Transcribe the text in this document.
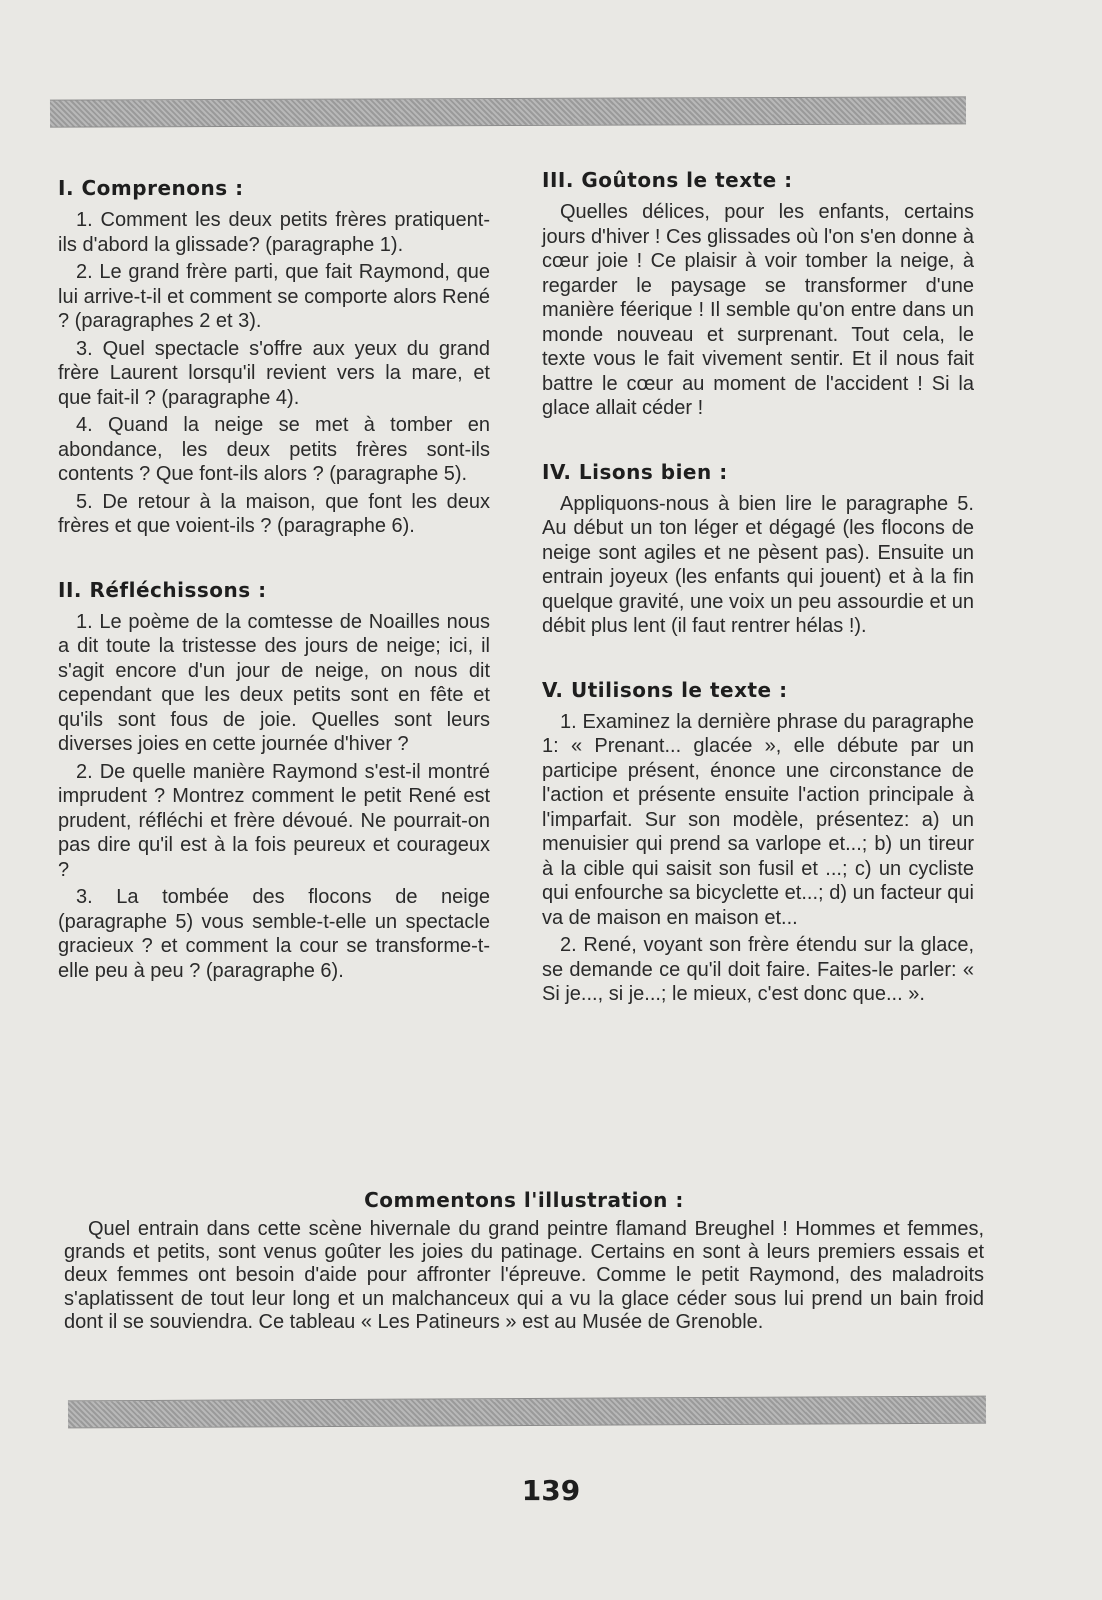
I. Comprenons :

1. Comment les deux petits frères pratiquent-ils d'abord la glissade? (paragraphe 1).

2. Le grand frère parti, que fait Raymond, que lui arrive-t-il et comment se comporte alors René ? (paragraphes 2 et 3).

3. Quel spectacle s'offre aux yeux du grand frère Laurent lorsqu'il revient vers la mare, et que fait-il ? (paragraphe 4).

4. Quand la neige se met à tomber en abondance, les deux petits frères sont-ils contents ? Que font-ils alors ? (paragraphe 5).

5. De retour à la maison, que font les deux frères et que voient-ils ? (paragraphe 6).

II. Réfléchissons :

1. Le poème de la comtesse de Noailles nous a dit toute la tristesse des jours de neige; ici, il s'agit encore d'un jour de neige, on nous dit cependant que les deux petits sont en fête et qu'ils sont fous de joie. Quelles sont leurs diverses joies en cette journée d'hiver ?

2. De quelle manière Raymond s'est-il montré imprudent ? Montrez comment le petit René est prudent, réfléchi et frère dévoué. Ne pourrait-on pas dire qu'il est à la fois peureux et courageux ?

3. La tombée des flocons de neige (paragraphe 5) vous semble-t-elle un spectacle gracieux ? et comment la cour se transforme-t-elle peu à peu ? (paragraphe 6).

III. Goûtons le texte :

Quelles délices, pour les enfants, certains jours d'hiver ! Ces glissades où l'on s'en donne à cœur joie ! Ce plaisir à voir tomber la neige, à regarder le paysage se transformer d'une manière féerique ! Il semble qu'on entre dans un monde nouveau et surprenant. Tout cela, le texte vous le fait vivement sentir. Et il nous fait battre le cœur au moment de l'accident ! Si la glace allait céder !

IV. Lisons bien :

Appliquons-nous à bien lire le paragraphe 5. Au début un ton léger et dégagé (les flocons de neige sont agiles et ne pèsent pas). Ensuite un entrain joyeux (les enfants qui jouent) et à la fin quelque gravité, une voix un peu assourdie et un débit plus lent (il faut rentrer hélas !).

V. Utilisons le texte :

1. Examinez la dernière phrase du paragraphe 1: « Prenant... glacée », elle débute par un participe présent, énonce une circonstance de l'action et présente ensuite l'action principale à l'imparfait. Sur son modèle, présentez: a) un menuisier qui prend sa varlope et...; b) un tireur à la cible qui saisit son fusil et ...; c) un cycliste qui enfourche sa bicyclette et...; d) un facteur qui va de maison en maison et...

2. René, voyant son frère étendu sur la glace, se demande ce qu'il doit faire. Faites-le parler: « Si je..., si je...; le mieux, c'est donc que... ».

Commentons l'illustration :

Quel entrain dans cette scène hivernale du grand peintre flamand Breughel ! Hommes et femmes, grands et petits, sont venus goûter les joies du patinage. Certains en sont à leurs premiers essais et deux femmes ont besoin d'aide pour affronter l'épreuve. Comme le petit Raymond, des maladroits s'aplatissent de tout leur long et un malchanceux qui a vu la glace céder sous lui prend un bain froid dont il se souviendra. Ce tableau « Les Patineurs » est au Musée de Grenoble.

139
